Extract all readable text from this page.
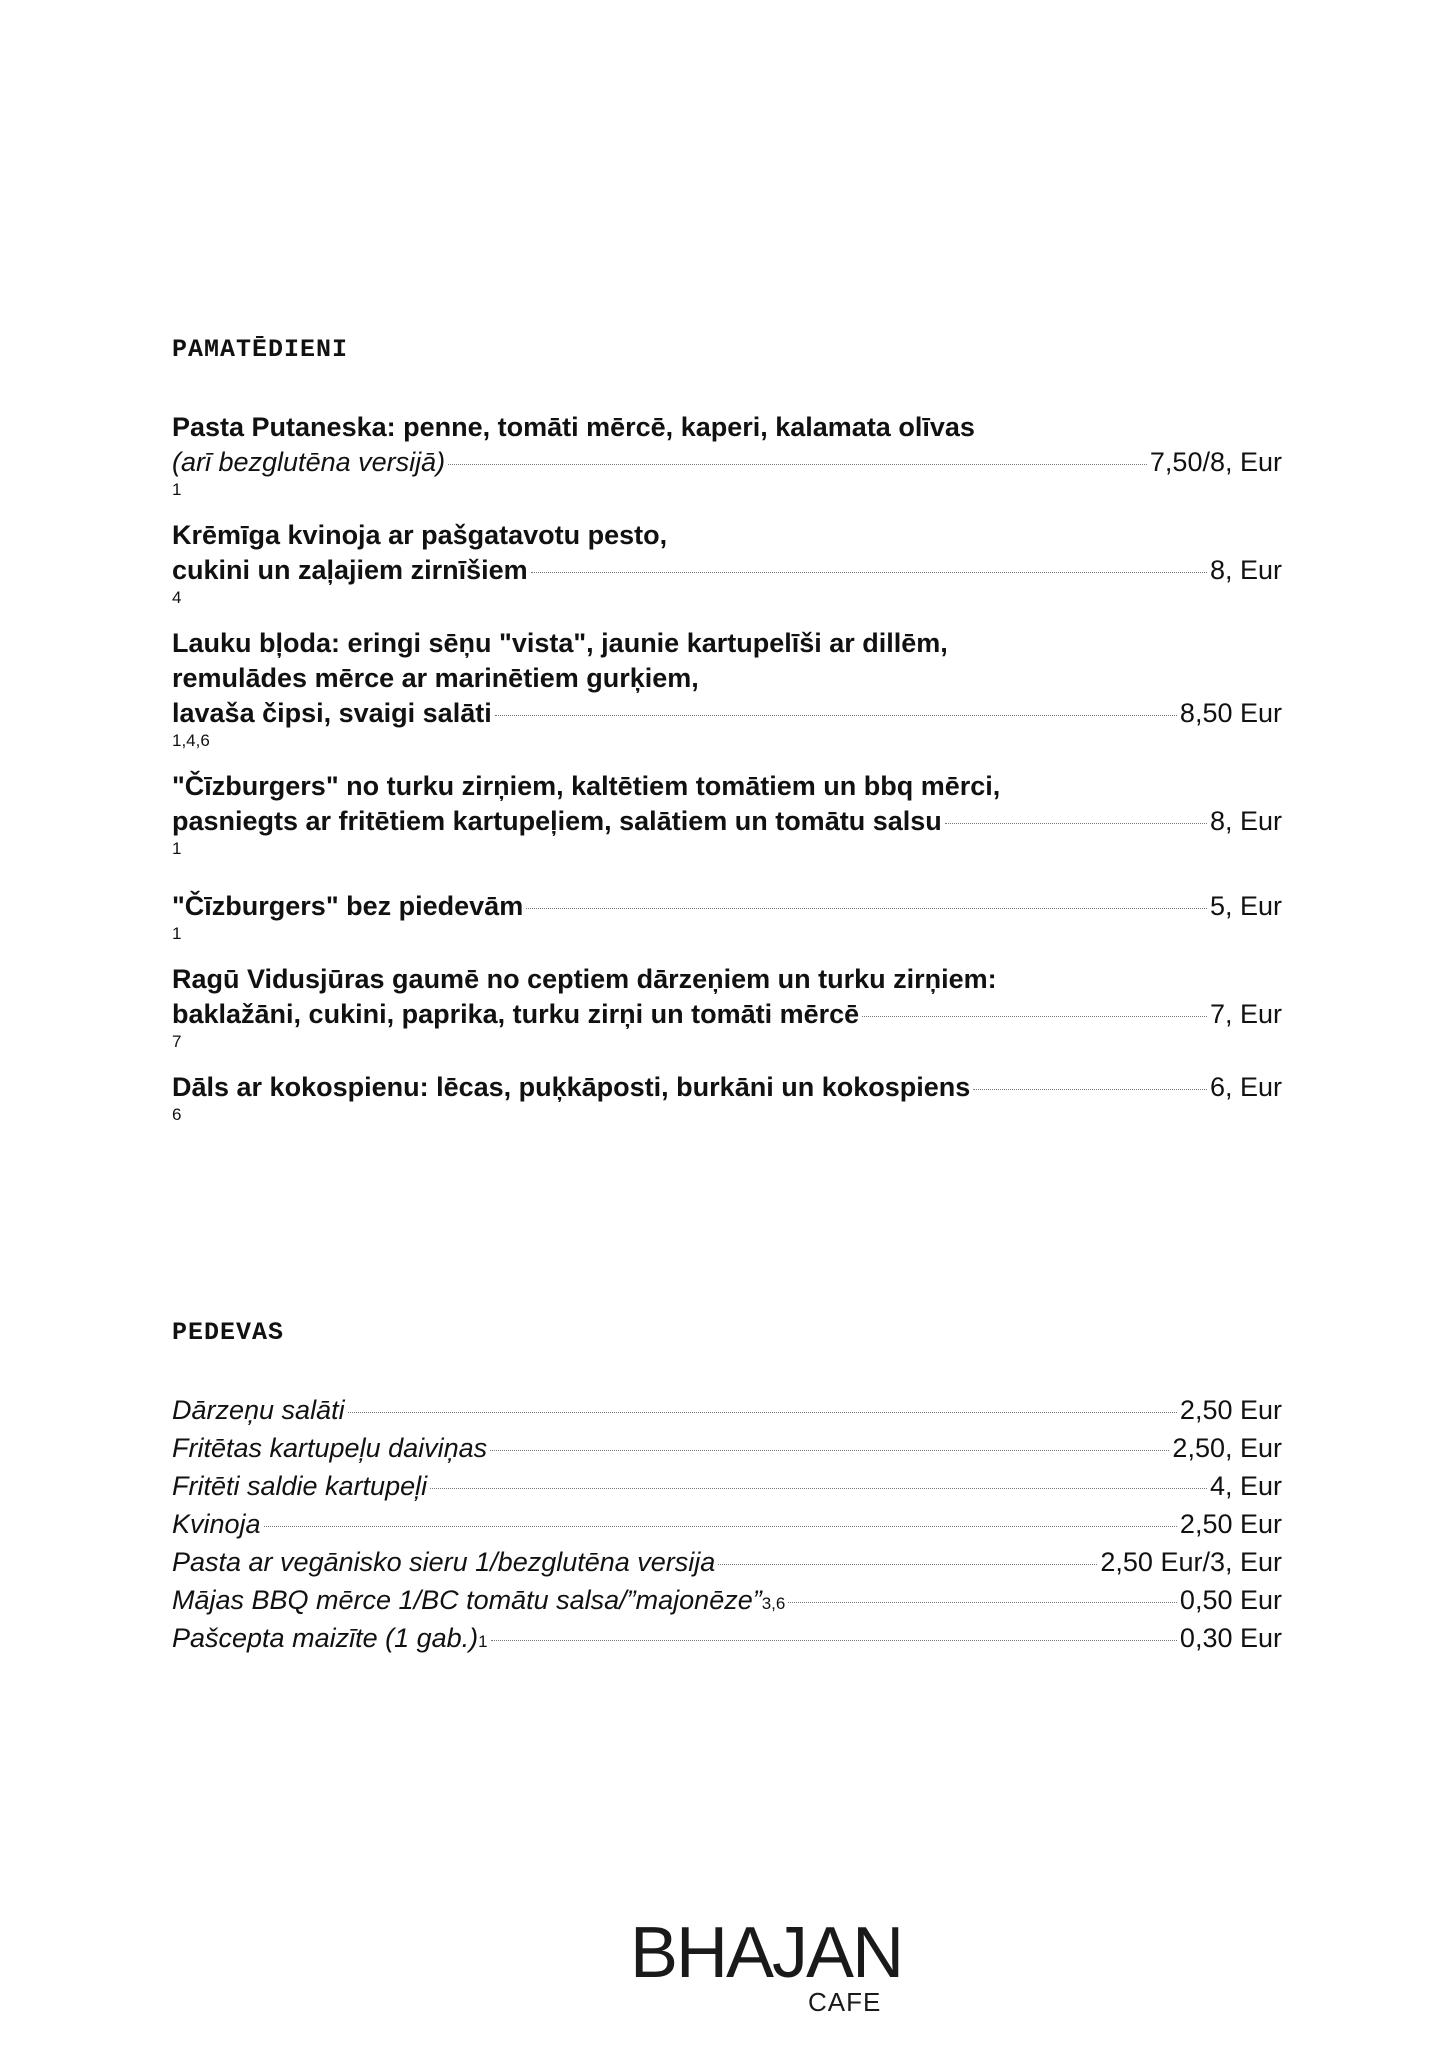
PAMATĒDIENI
Pasta Putaneska: penne, tomāti mērcē, kaperi, kalamata olīvas
(arī bezglutēna versijā)	7,50/8, Eur
1
Krēmīga kvinoja ar pašgatavotu pesto,
cukini un zaļajiem zirnīšiem	8, Eur
4
Lauku bļoda: eringi sēņu "vista", jaunie kartupelīši ar dillēm,
remulādes mērce ar marinētiem gurķiem,
lavaša čipsi, svaigi salāti	8,50 Eur
1,4,6
"Čīzburgers" no turku zirņiem, kaltētiem tomātiem un bbq mērci,
pasniegts ar fritētiem kartupeļiem, salātiem un tomātu salsu	8, Eur
1
"Čīzburgers" bez piedevām	5, Eur
1
Ragū Vidusjūras gaumē no ceptiem dārzeņiem un turku zirņiem:
baklažāni, cukini, paprika, turku zirņi un tomāti mērcē	7, Eur
7
Dāls ar kokospienu: lēcas, puķkāposti, burkāni un kokospiens	6, Eur
6
PEDEVAS
Dārzeņu salāti	2,50 Eur
Fritētas kartupeļu daiviņas	2,50, Eur
Fritēti saldie kartupeļi	4, Eur
Kvinoja	2,50 Eur
Pasta ar vegānisko sieru 1/bezglutēna versija	2,50 Eur/3, Eur
Mājas BBQ mērce 1/BC tomātu salsa/”majonēze”3,6	0,50 Eur
Pašcepta maizīte (1 gab.)1	0,30 Eur
BHAJAN
CAFE
